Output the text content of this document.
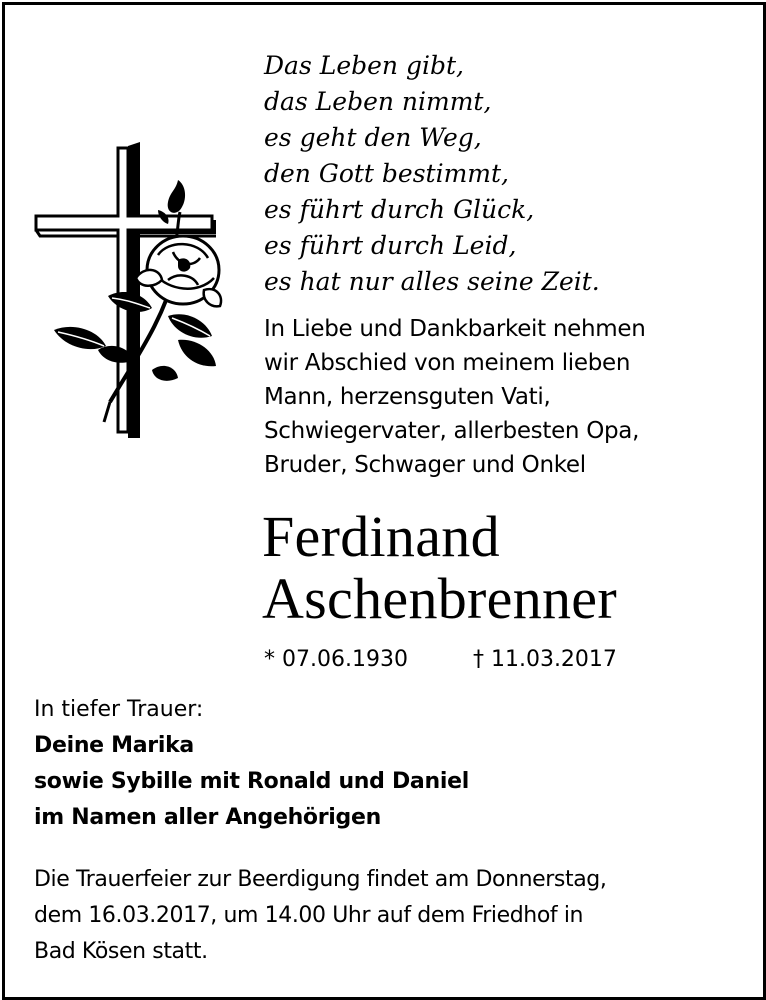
Das Leben gibt,
das Leben nimmt,
es geht den Weg,
den Gott bestimmt,
es führt durch Glück,
es führt durch Leid,
es hat nur alles seine Zeit.
In Liebe und Dankbarkeit nehmen
wir Abschied von meinem lieben
Mann, herzensguten Vati,
Schwiegervater, allerbesten Opa,
Bruder, Schwager und Onkel
Ferdinand
Aschenbrenner
* 07.06.1930	† 11.03.2017
In tiefer Trauer:
Deine Marika
sowie Sybille mit Ronald und Daniel
im Namen aller Angehörigen
Die Trauerfeier zur Beerdigung findet am Donnerstag,
dem 16.03.2017, um 14.00 Uhr auf dem Friedhof in
Bad Kösen statt.
